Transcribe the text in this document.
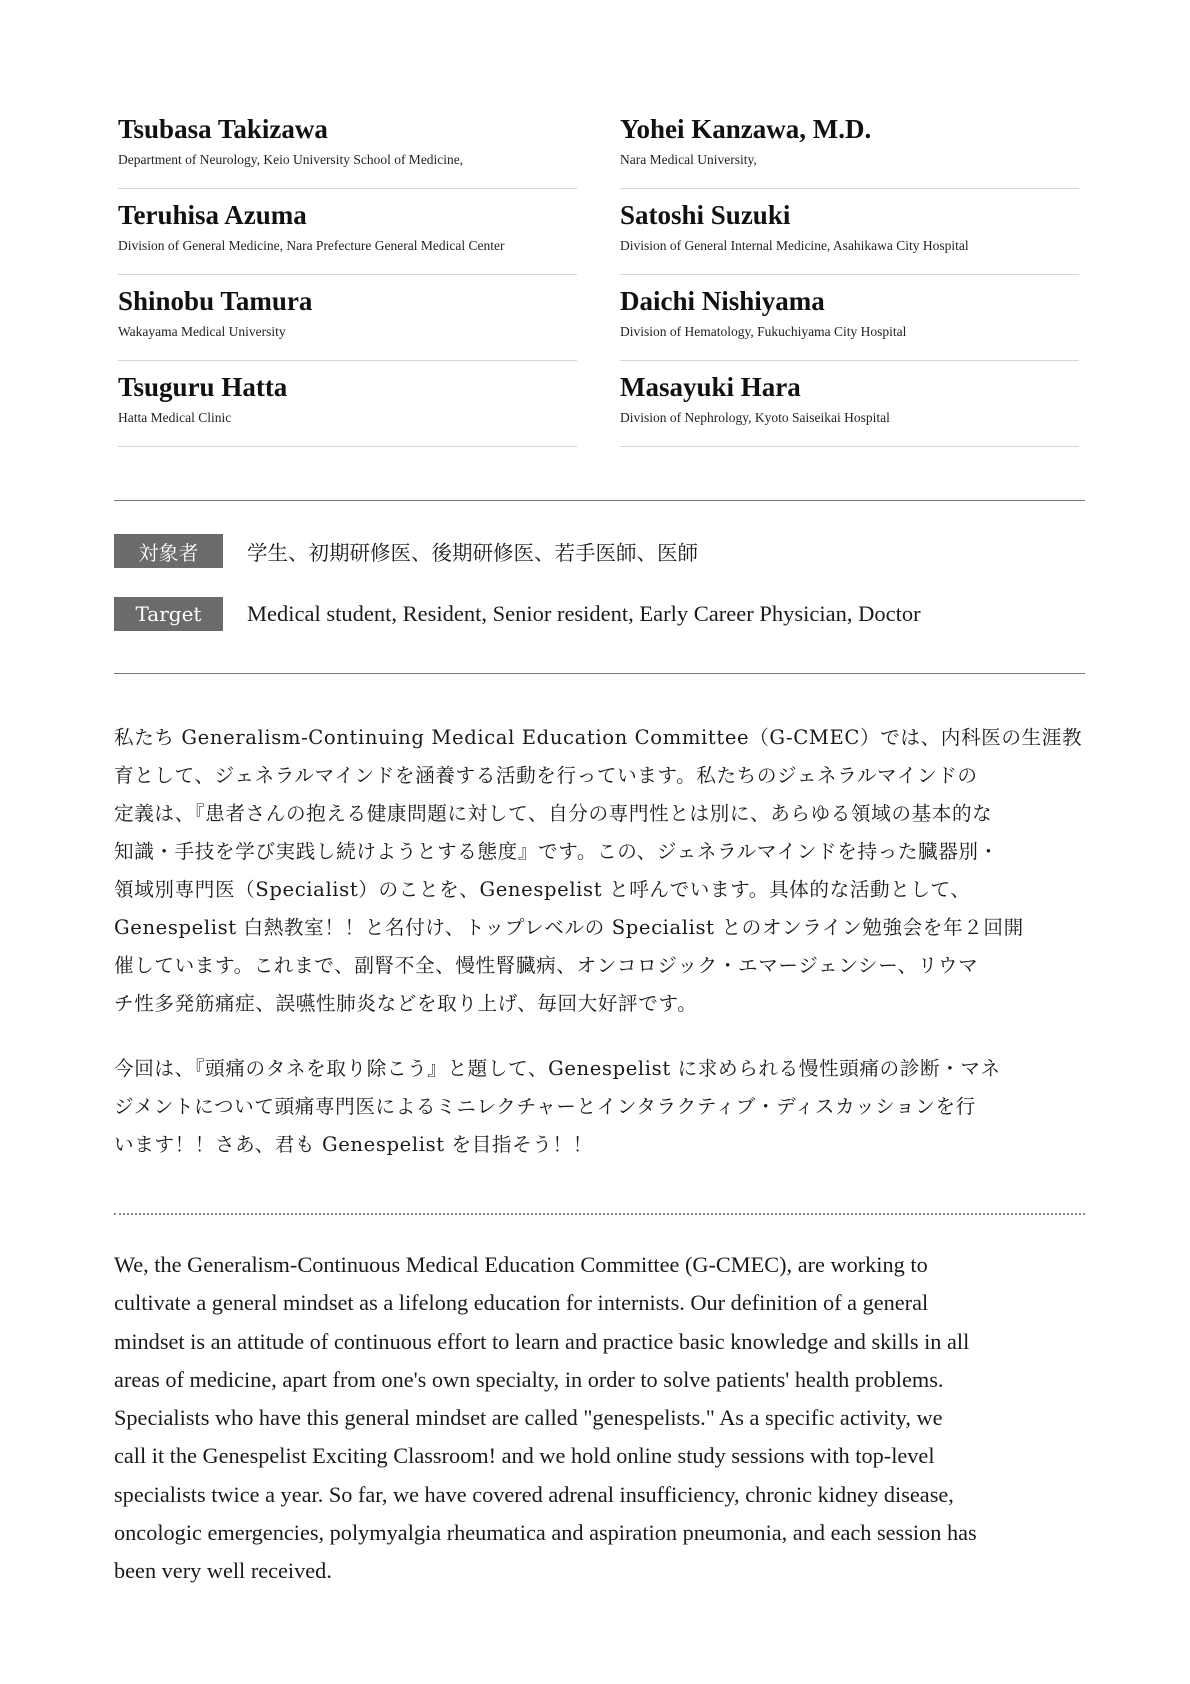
Tsubasa Takizawa
Department of Neurology, Keio University School of Medicine,
Yohei Kanzawa, M.D.
Nara Medical University,
Teruhisa Azuma
Division of General Medicine, Nara Prefecture General Medical Center
Satoshi Suzuki
Division of General Internal Medicine, Asahikawa City Hospital
Shinobu Tamura
Wakayama Medical University
Daichi Nishiyama
Division of Hematology, Fukuchiyama City Hospital
Tsuguru Hatta
Hatta Medical Clinic
Masayuki Hara
Division of Nephrology, Kyoto Saiseikai Hospital
対象者	学生、初期研修医、後期研修医、若手医師、医師
Target	Medical student, Resident, Senior resident, Early Career Physician, Doctor
私たち Generalism-Continuing Medical Education Committee（G-CMEC）では、内科医の生涯教
育として、ジェネラルマインドを涵養する活動を行っています。私たちのジェネラルマインドの
定義は、『患者さんの抱える健康問題に対して、自分の専門性とは別に、あらゆる領域の基本的な
知識・手技を学び実践し続けようとする態度』です。この、ジェネラルマインドを持った臓器別・
領域別専門医（Specialist）のことを、Genespelist と呼んでいます。具体的な活動として、
Genespelist 白熱教室！！と名付け、トップレベルの Specialist とのオンライン勉強会を年２回開
催しています。これまで、副腎不全、慢性腎臓病、オンコロジック・エマージェンシー、リウマ
チ性多発筋痛症、誤嚥性肺炎などを取り上げ、毎回大好評です。
今回は、『頭痛のタネを取り除こう』と題して、Genespelist に求められる慢性頭痛の診断・マネ
ジメントについて頭痛専門医によるミニレクチャーとインタラクティブ・ディスカッションを行
います！！さあ、君も Genespelist を目指そう！！
We, the Generalism-Continuous Medical Education Committee (G-CMEC), are working to
cultivate a general mindset as a lifelong education for internists. Our definition of a general
mindset is an attitude of continuous effort to learn and practice basic knowledge and skills in all
areas of medicine, apart from one's own specialty, in order to solve patients' health problems.
Specialists who have this general mindset are called "genespelists." As a specific activity, we
call it the Genespelist Exciting Classroom! and we hold online study sessions with top-level
specialists twice a year. So far, we have covered adrenal insufficiency, chronic kidney disease,
oncologic emergencies, polymyalgia rheumatica and aspiration pneumonia, and each session has
been very well received.
